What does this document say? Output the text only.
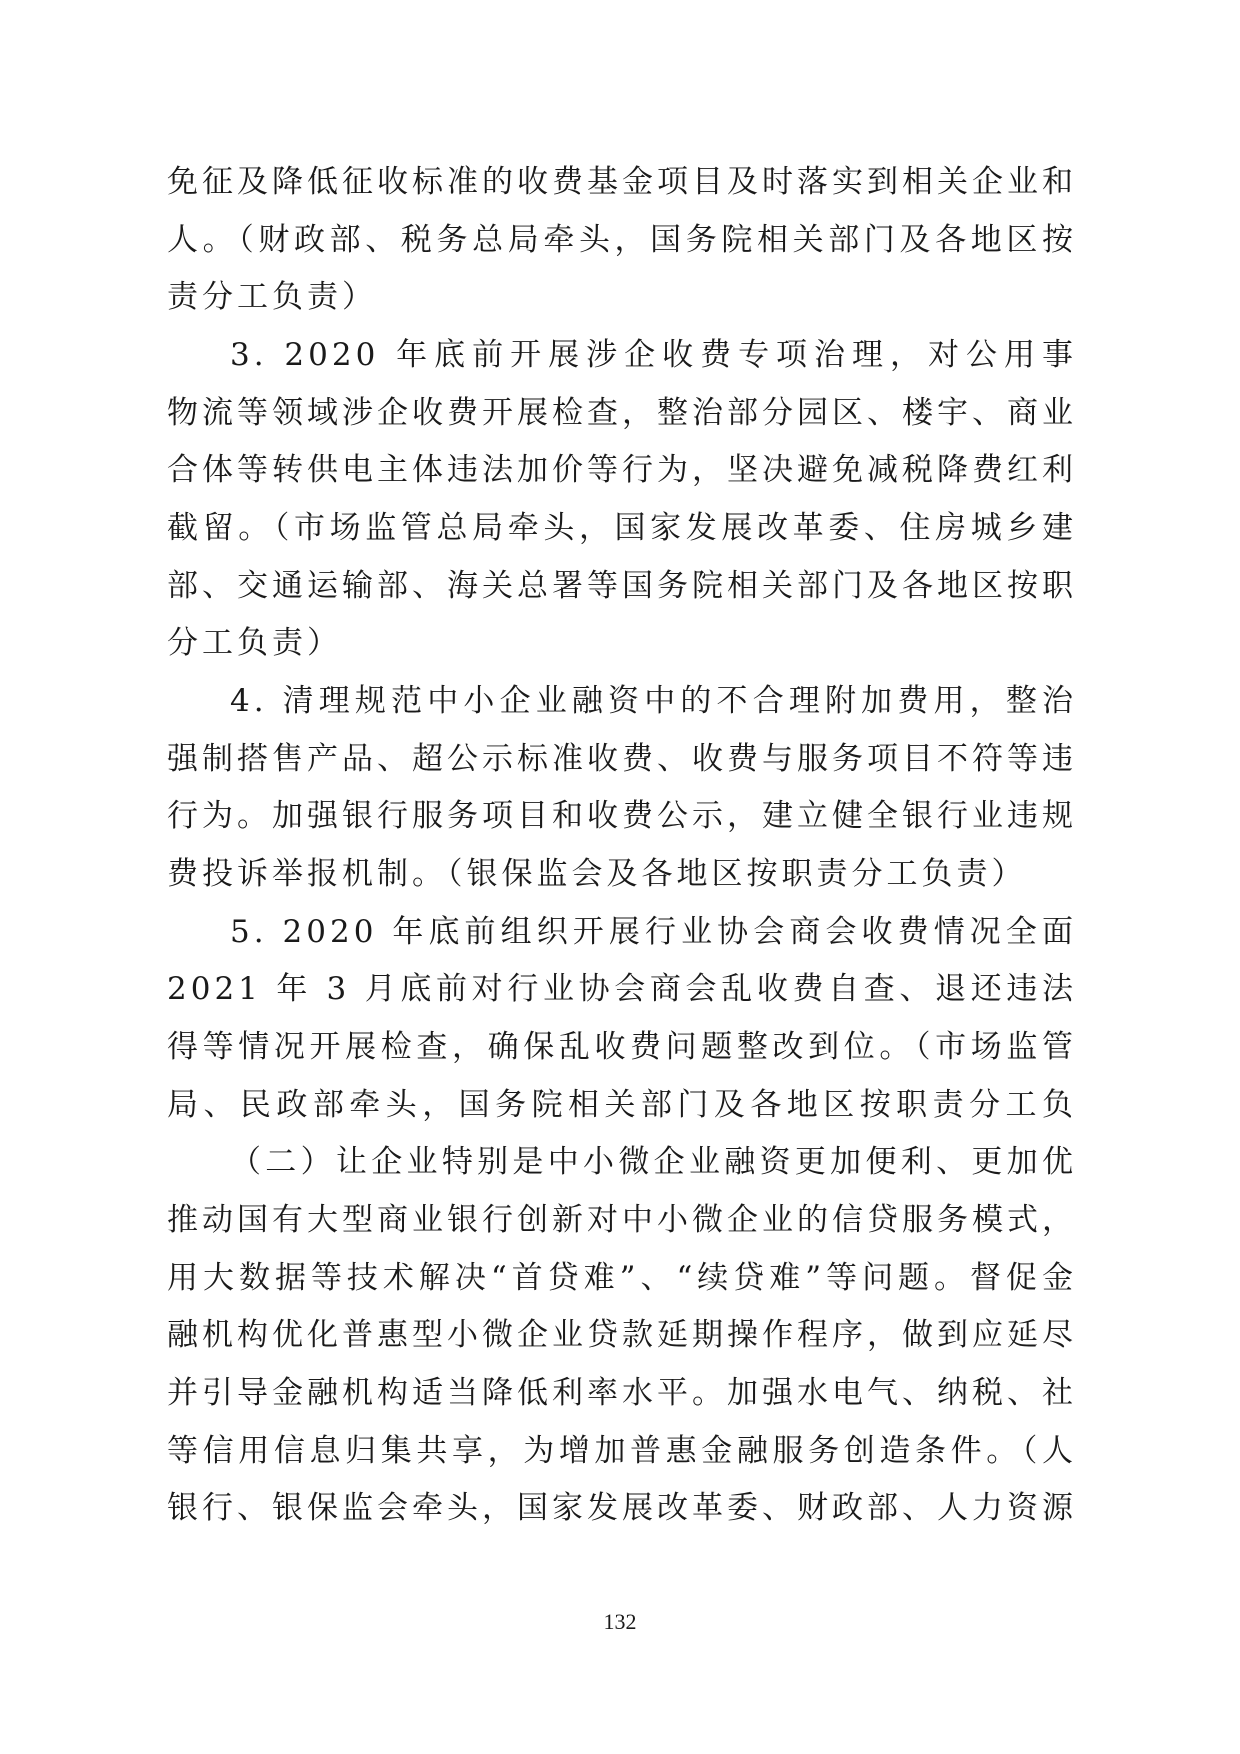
免征及降低征收标准的收费基金项目及时落实到相关企业和
人。（财政部、税务总局牵头，国务院相关部门及各地区按
责分工负责）
3. 2020 年底前开展涉企收费专项治理，对公用事
物流等领域涉企收费开展检查，整治部分园区、楼宇、商业
合体等转供电主体违法加价等行为，坚决避免减税降费红利
截留。（市场监管总局牵头，国家发展改革委、住房城乡建
部、交通运输部、海关总署等国务院相关部门及各地区按职
分工负责）
4. 清理规范中小企业融资中的不合理附加费用，整治
强制搭售产品、超公示标准收费、收费与服务项目不符等违
行为。加强银行服务项目和收费公示，建立健全银行业违规
费投诉举报机制。（银保监会及各地区按职责分工负责）
5. 2020 年底前组织开展行业协会商会收费情况全面
2021 年 3 月底前对行业协会商会乱收费自查、退还违法
得等情况开展检查，确保乱收费问题整改到位。（市场监管
局、民政部牵头，国务院相关部门及各地区按职责分工负
（二）让企业特别是中小微企业融资更加便利、更加优
推动国有大型商业银行创新对中小微企业的信贷服务模式，
用大数据等技术解决“首贷难”、“续贷难”等问题。督促金
融机构优化普惠型小微企业贷款延期操作程序，做到应延尽
并引导金融机构适当降低利率水平。加强水电气、纳税、社
等信用信息归集共享，为增加普惠金融服务创造条件。（人
银行、银保监会牵头，国家发展改革委、财政部、人力资源
132
